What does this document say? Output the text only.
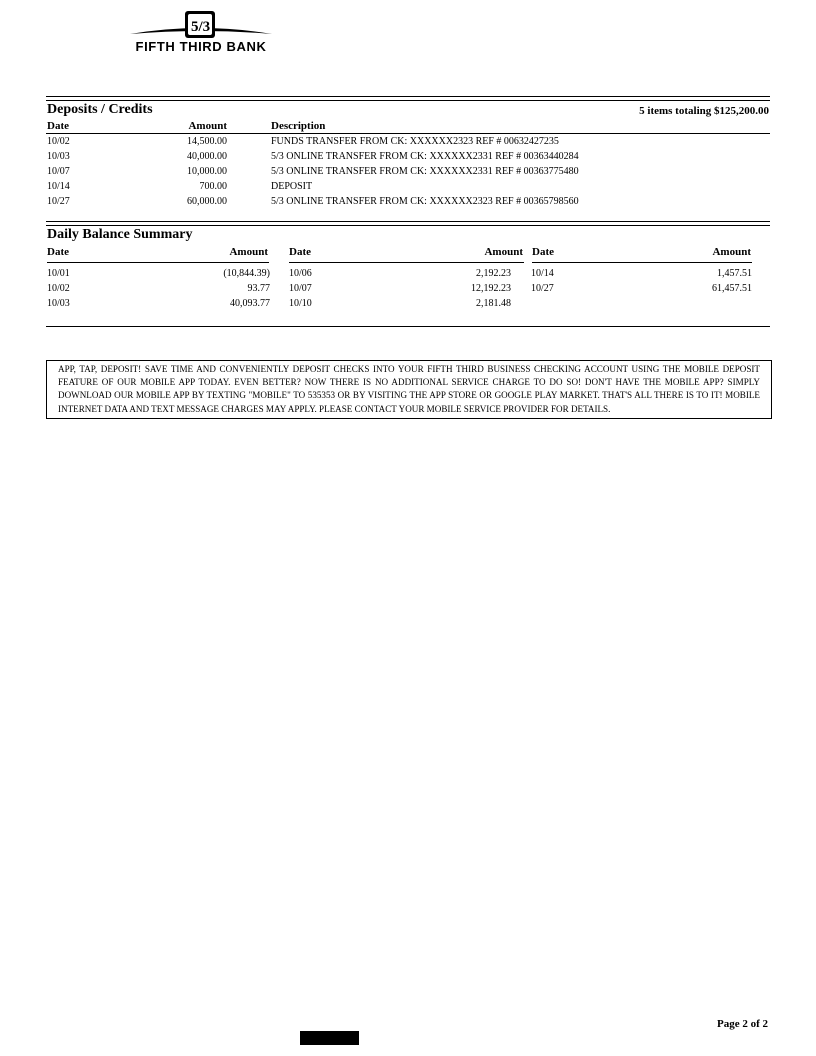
5/3
FIFTH THIRD BANK
Deposits / Credits	5 items totaling $125,200.00
Date	Amount	Description
10/02	14,500.00	FUNDS TRANSFER FROM CK: XXXXXX2323 REF # 00632427235
10/03	40,000.00	5/3 ONLINE TRANSFER FROM CK: XXXXXX2331 REF # 00363440284
10/07	10,000.00	5/3 ONLINE TRANSFER FROM CK: XXXXXX2331 REF # 00363775480
10/14	700.00	DEPOSIT
10/27	60,000.00	5/3 ONLINE TRANSFER FROM CK: XXXXXX2323 REF # 00365798560
Daily Balance Summary
Date	Amount Date	Amount Date	Amount
10/01	(10,844.39) 10/06	2,192.23 10/14	1,457.51
10/02	93.77 10/07	12,192.23 10/27	61,457.51
10/03	40,093.77 10/10	2,181.48
APP, TAP, DEPOSIT! SAVE TIME AND CONVENIENTLY DEPOSIT CHECKS INTO YOUR FIFTH THIRD BUSINESS CHECKING ACCOUNT USING THE MOBILE DEPOSIT FEATURE OF OUR MOBILE APP TODAY. EVEN BETTER? NOW THERE IS NO ADDITIONAL SERVICE CHARGE TO DO SO! DON'T HAVE THE MOBILE APP? SIMPLY DOWNLOAD OUR MOBILE APP BY TEXTING "MOBILE" TO 535353 OR BY VISITING THE APP STORE OR GOOGLE PLAY MARKET. THAT'S ALL THERE IS TO IT! MOBILE INTERNET DATA AND TEXT MESSAGE CHARGES MAY APPLY. PLEASE CONTACT YOUR MOBILE SERVICE PROVIDER FOR DETAILS.
Page 2 of 2
